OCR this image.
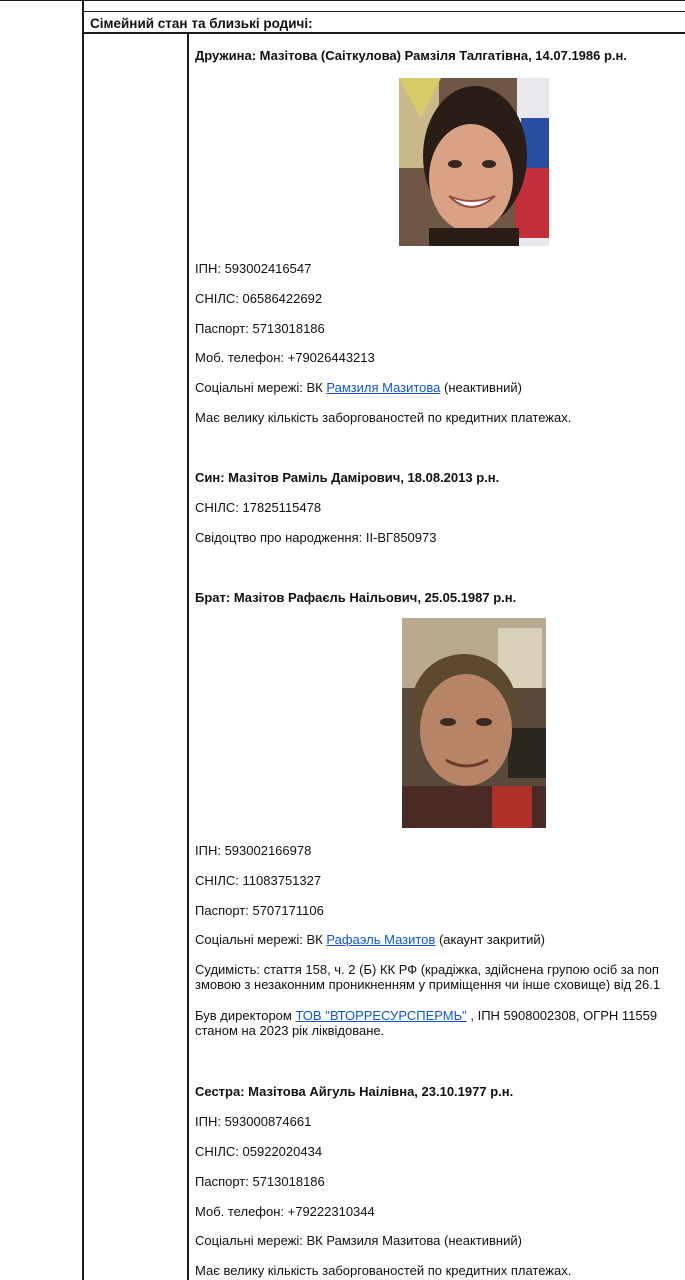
Сімейний стан та близькі родичі:
Дружина: Мазітова (Саіткулова) Рамзіля Талгатівна, 14.07.1986 р.н.
ІПН: 593002416547
СНІЛС: 06586422692
Паспорт: 5713018186
Моб. телефон: +79026443213
Соціальні мережі: ВК Рамзиля Мазитова (неактивний)
Має велику кількість заборгованостей по кредитних платежах.
Син: Мазітов Раміль Дамірович, 18.08.2013 р.н.
СНІЛС: 17825115478
Свідоцтво про народження: ІІ-ВГ850973
Брат: Мазітов Рафаєль Наільович, 25.05.1987 р.н.
ІПН: 593002166978
СНІЛС: 11083751327
Паспорт: 5707171106
Соціальні мережі: ВК Рафаэль Мазитов (акаунт закритий)
Судимість: стаття 158, ч. 2 (Б) КК РФ (крадіжка, здійснена групою осіб за поп
змовою з незаконним проникненням у приміщення чи інше сховище) від 26.1
Був директором ТОВ "ВТОРРЕСУРСПЕРМЬ" , ІПН 5908002308, ОГРН 11559
станом на 2023 рік ліквідоване.
Сестра: Мазітова Айгуль Наілівна, 23.10.1977 р.н.
ІПН: 593000874661
СНІЛС: 05922020434
Паспорт: 5713018186
Моб. телефон: +79222310344
Соціальні мережі: ВК Рамзиля Мазитова (неактивний)
Має велику кількість заборгованостей по кредитних платежах.
